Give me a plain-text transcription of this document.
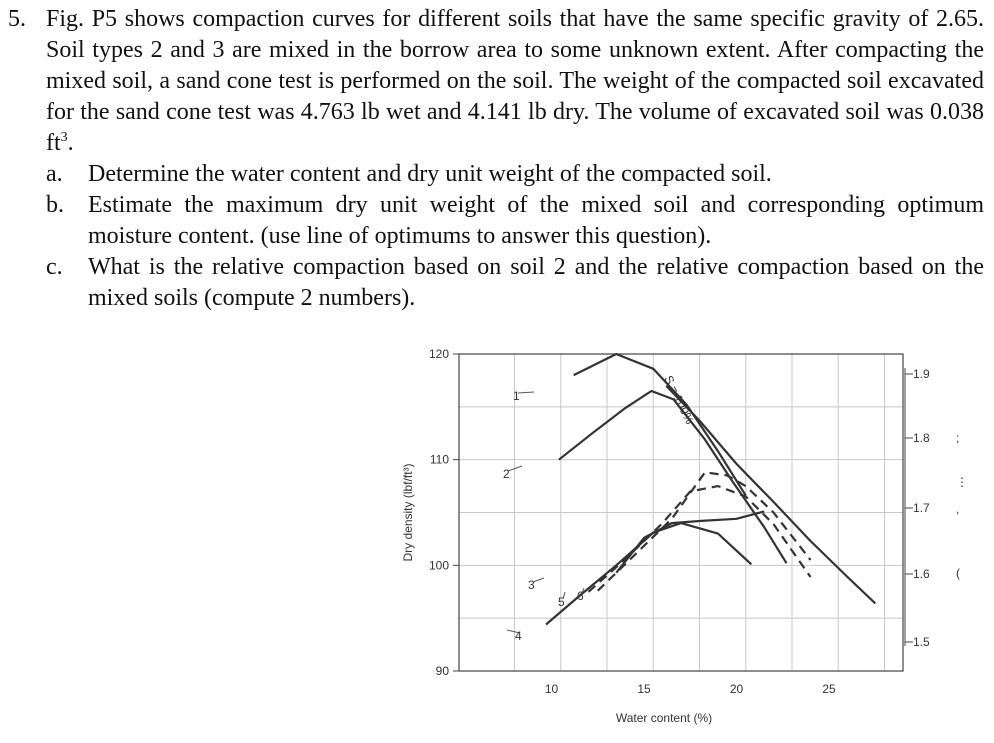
5. Fig. P5 shows compaction curves for different soils that have the same specific gravity of 2.65. Soil types 2 and 3 are mixed in the borrow area to some unknown extent. After compacting the mixed soil, a sand cone test is performed on the soil. The weight of the compacted soil excavated for the sand cone test was 4.763 lb wet and 4.141 lb dry. The volume of excavated soil was 0.038 $ft^3$.
a.	Determine the water content and dry unit weight of the compacted soil.
b.	Estimate the maximum dry unit weight of the mixed soil and corresponding optimum moisture content. (use line of optimums to answer this question).
c.	What is the relative compaction based on soil 2 and the relative compaction based on the mixed soils (compute 2 numbers).
90
100
110
120
10	15	20	25
Water content (%)
Dry density (lbf/ft³)
1.9
1.8
1.7
1.6
1.5
;
⋮
,
(
1
2
3
4
5 6
S = 100%
